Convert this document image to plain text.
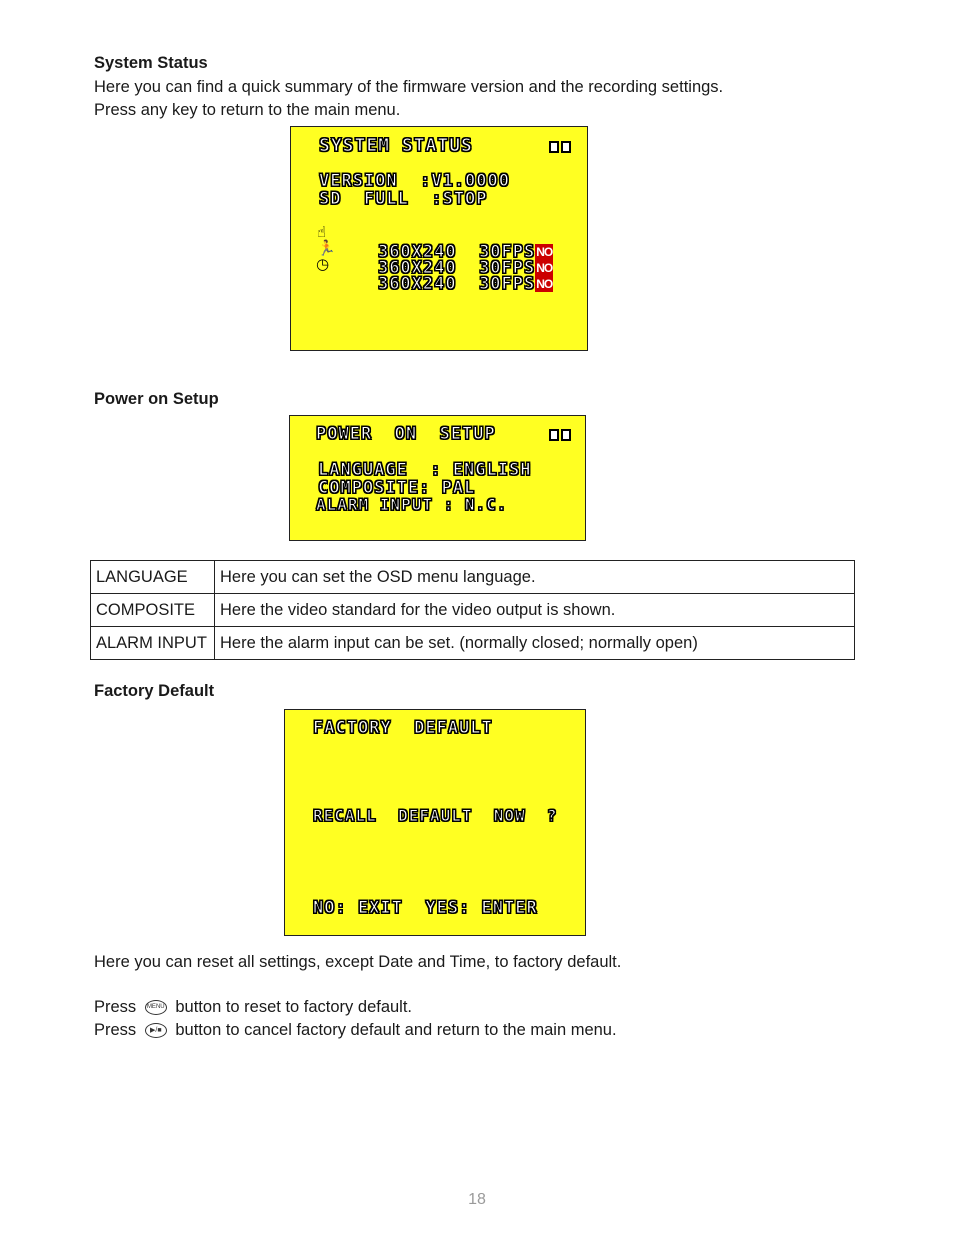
System Status
Here you can find a quick summary of the firmware version and the recording settings.
Press any key to return to the main menu.
SYSTEM STATUS
VERSION  :V1.0000
SD  FULL  :STOP
☝

360X240  30FPSNO

🏃

360X240  30FPSNO

◷

360X240  30FPSNO

Power on Setup
POWER  ON  SETUP
LANGUAGE  : ENGLISH
COMPOSITE: PAL
ALARM INPUT : N.C.
LANGUAGE	Here you can set the OSD menu language.
COMPOSITE	Here the video standard for the video output is shown.
ALARM INPUT	Here the alarm input can be set. (normally closed; normally open)
Factory Default
FACTORY  DEFAULT
RECALL  DEFAULT  NOW  ?
NO: EXIT  YES: ENTER
Here you can reset all settings, except Date and Time, to factory default.
Press MENU button to reset to factory default.
Press ▶/■ button to cancel factory default and return to the main menu.
18
